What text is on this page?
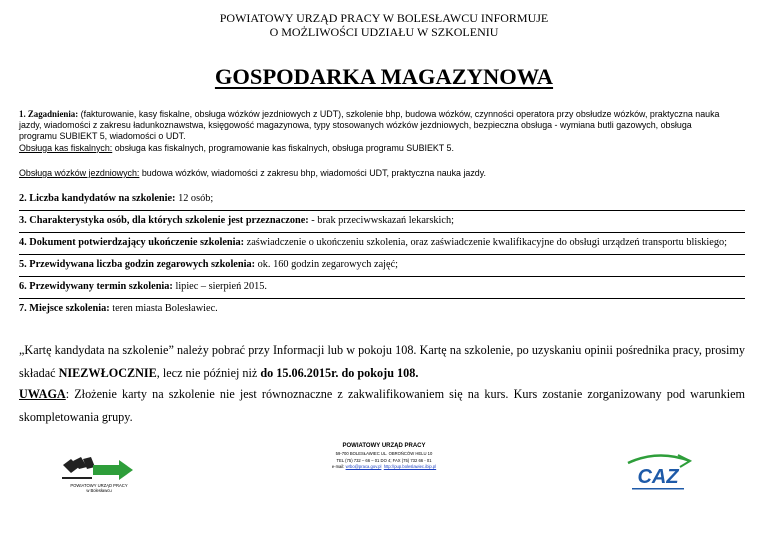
POWIATOWY URZĄD PRACY W BOLESŁAWCU INFORMUJE
O MOŻLIWOŚCI UDZIAŁU W SZKOLENIU
GOSPODARKA MAGAZYNOWA
1. Zagadnienia: (fakturowanie, kasy fiskalne, obsługa wózków jezdniowych z UDT), szkolenie bhp, budowa wózków, czynności operatora przy obsłudze wózków, praktyczna nauka jazdy, wiadomości z zakresu ładunkoznawstwa, księgowość magazynowa, typy stosowanych wózków jezdniowych, bezpieczna obsługa - wymiana butli gazowych, obsługa programu SUBIEKT 5, wiadomości o UDT.
Obsługa kas fiskalnych: obsługa kas fiskalnych, programowanie kas fiskalnych, obsługa programu SUBIEKT 5.
Obsługa wózków jezdniowych: budowa wózków, wiadomości z zakresu bhp, wiadomości UDT, praktyczna nauka jazdy.
2. Liczba kandydatów na szkolenie: 12 osób;
3. Charakterystyka osób, dla których szkolenie jest przeznaczone: - brak przeciwwskazań lekarskich;
4. Dokument potwierdzający ukończenie szkolenia: zaświadczenie o ukończeniu szkolenia, oraz zaświadczenie kwalifikacyjne do obsługi urządzeń transportu bliskiego;
5. Przewidywana liczba godzin zegarowych szkolenia: ok. 160 godzin zegarowych zajęć;
6. Przewidywany termin szkolenia: lipiec – sierpień 2015.
7. Miejsce szkolenia: teren miasta Bolesławiec.
„Kartę kandydata na szkolenie” należy pobrać przy Informacji lub w pokoju 108. Kartę na szkolenie, po uzyskaniu opinii pośrednika pracy, prosimy składać NIEZWŁOCZNIE, lecz nie później niż do 15.06.2015r. do pokoju 108.
UWAGA: Złożenie karty na szkolenie nie jest równoznaczne z zakwalifikowaniem się na kurs. Kurs zostanie zorganizowany pod warunkiem skompletowania grupy.
POWIATOWY URZĄD PRACY
w Bolesławcu
POWIATOWY URZĄD PRACY
59-700 BOLESŁAWIEC UL. OBROŃCÓW HELU 10
TEL (75) 732 – 66 – 01 DO 4; FAX (75) 732 66 - 01
e-mail: wrbo@praca.gov.pl http://pup.boleslawiec.ibip.pl	CAZ
